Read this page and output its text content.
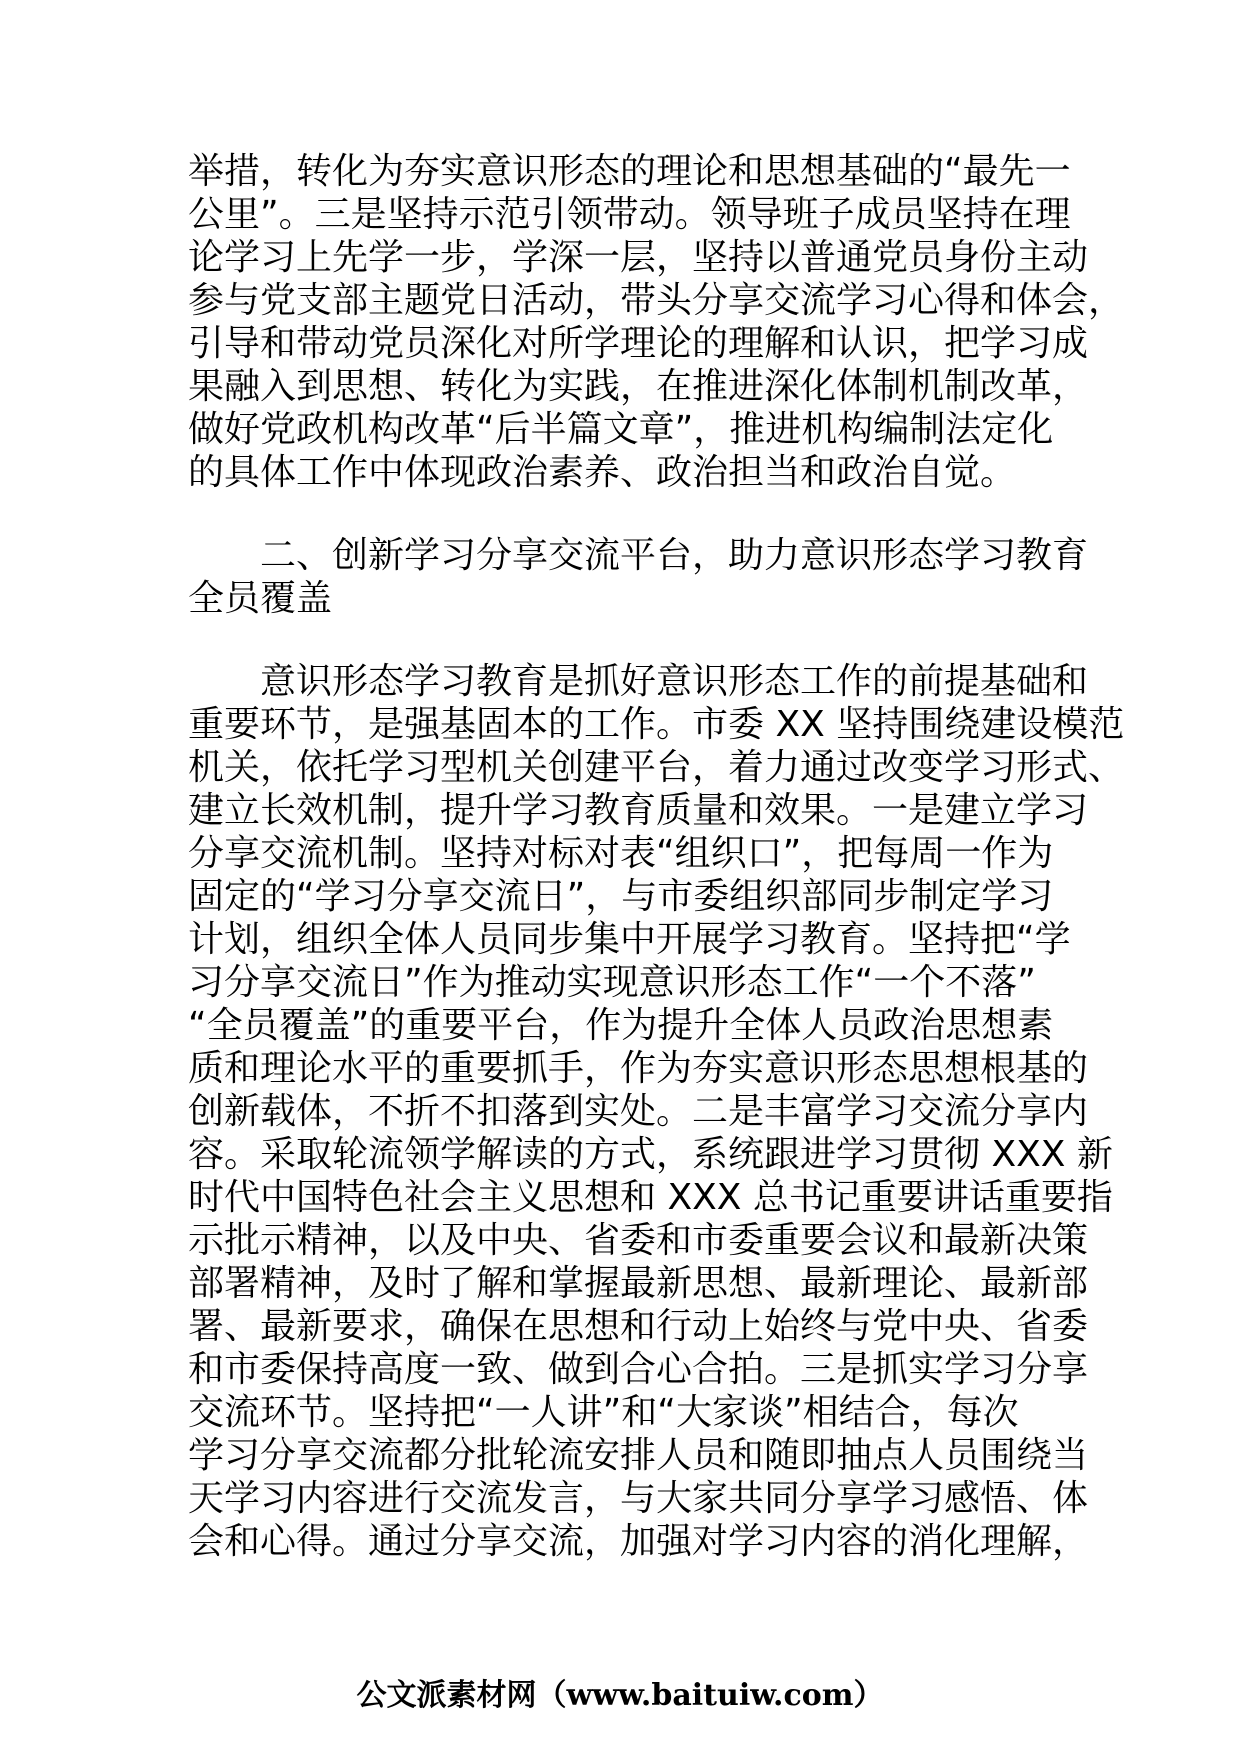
举措，转化为夯实意识形态的理论和思想基础的“最先一
公里”。三是坚持示范引领带动。领导班子成员坚持在理
论学习上先学一步，学深一层，坚持以普通党员身份主动
参与党支部主题党日活动，带头分享交流学习心得和体会，
引导和带动党员深化对所学理论的理解和认识，把学习成
果融入到思想、转化为实践，在推进深化体制机制改革，
做好党政机构改革“后半篇文章”，推进机构编制法定化
的具体工作中体现政治素养、政治担当和政治自觉。
　　二、创新学习分享交流平台，助力意识形态学习教育
全员覆盖
　　意识形态学习教育是抓好意识形态工作的前提基础和
重要环节，是强基固本的工作。市委 XX 坚持围绕建设模范
机关，依托学习型机关创建平台，着力通过改变学习形式、
建立长效机制，提升学习教育质量和效果。一是建立学习
分享交流机制。坚持对标对表“组织口”，把每周一作为
固定的“学习分享交流日”，与市委组织部同步制定学习
计划，组织全体人员同步集中开展学习教育。坚持把“学
习分享交流日”作为推动实现意识形态工作“一个不落”
“全员覆盖”的重要平台，作为提升全体人员政治思想素
质和理论水平的重要抓手，作为夯实意识形态思想根基的
创新载体，不折不扣落到实处。二是丰富学习交流分享内
容。采取轮流领学解读的方式，系统跟进学习贯彻 XXX 新
时代中国特色社会主义思想和 XXX 总书记重要讲话重要指
示批示精神，以及中央、省委和市委重要会议和最新决策
部署精神，及时了解和掌握最新思想、最新理论、最新部
署、最新要求，确保在思想和行动上始终与党中央、省委
和市委保持高度一致、做到合心合拍。三是抓实学习分享
交流环节。坚持把“一人讲”和“大家谈”相结合，每次
学习分享交流都分批轮流安排人员和随即抽点人员围绕当
天学习内容进行交流发言，与大家共同分享学习感悟、体
会和心得。通过分享交流，加强对学习内容的消化理解，
公文派素材网（www.baituiw.com）
